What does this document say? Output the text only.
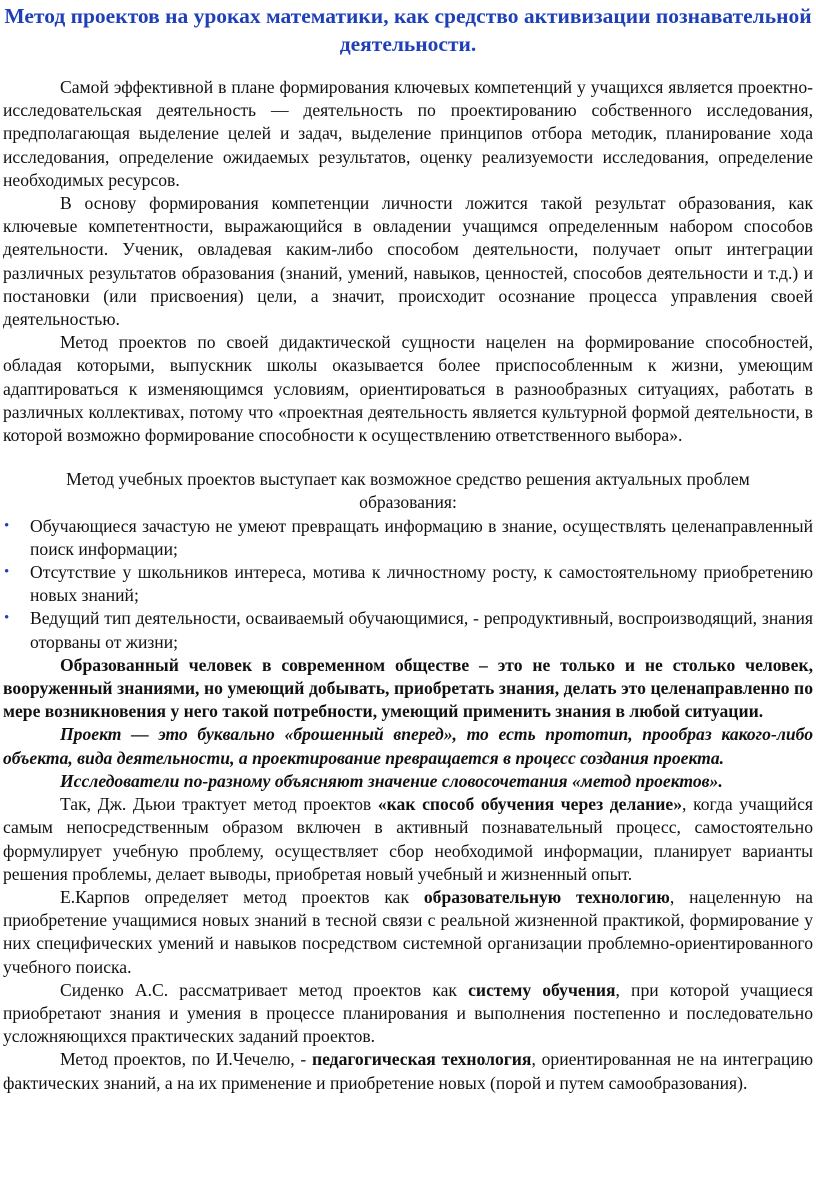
Метод проектов на уроках математики, как средство активизации познавательной деятельности.

Самой эффективной в плане формирования ключевых компетенций у учащихся является проектно-исследовательская деятельность — деятельность по проектированию собственного исследования, предполагающая выделение целей и задач, выделение принципов отбора методик, планирование хода исследования, определение ожидаемых результатов, оценку реализуемости исследования, определение необходимых ресурсов.

В основу формирования компетенции личности ложится такой результат образования, как ключевые компетентности, выражающийся в овладении учащимся определенным набором способов деятельности. Ученик, овладевая каким-либо способом деятельности, получает опыт интеграции различных результатов образования (знаний, умений, навыков, ценностей, способов деятельности и т.д.) и постановки (или присвоения) цели, а значит, происходит осознание процесса управления своей деятельностью.

Метод проектов по своей дидактической сущности нацелен на формирование способностей, обладая которыми, выпускник школы оказывается более приспособленным к жизни, умеющим адаптироваться к изменяющимся условиям, ориентироваться в разнообразных ситуациях, работать в различных коллективах, потому что «проектная деятельность является культурной формой деятельности, в которой возможно формирование способности к осуществлению ответственного выбора».

Метод учебных проектов выступает как возможное средство решения актуальных проблем образования:

• Обучающиеся зачастую не умеют превращать информацию в знание, осуществлять целенаправленный поиск информации;
• Отсутствие у школьников интереса, мотива к личностному росту, к самостоятельному приобретению новых знаний;
• Ведущий тип деятельности, осваиваемый обучающимися, - репродуктивный, воспроизводящий, знания оторваны от жизни;

Образованный человек в современном обществе – это не только и не столько человек, вооруженный знаниями, но умеющий добывать, приобретать знания, делать это целенаправленно по мере возникновения у него такой потребности, умеющий применить знания в любой ситуации.

Проект — это буквально «брошенный вперед», то есть прототип, прообраз какого-либо объекта, вида деятельности, а проектирование превращается в процесс создания проекта.

Исследователи по-разному объясняют значение словосочетания «метод проектов».

Так, Дж. Дьюи трактует метод проектов «как способ обучения через делание», когда учащийся самым непосредственным образом включен в активный познавательный процесс, самостоятельно формулирует учебную проблему, осуществляет сбор необходимой информации, планирует варианты решения проблемы, делает выводы, приобретая новый учебный и жизненный опыт.

Е.Карпов определяет метод проектов как образовательную технологию, нацеленную на приобретение учащимися новых знаний в тесной связи с реальной жизненной практикой, формирование у них специфических умений и навыков посредством системной организации проблемно-ориентированного учебного поиска.

Сиденко А.С. рассматривает метод проектов как систему обучения, при которой учащиеся приобретают знания и умения в процессе планирования и выполнения постепенно и последовательно усложняющихся практических заданий проектов.

Метод проектов, по И.Чечелю, - педагогическая технология, ориентированная не на интеграцию фактических знаний, а на их применение и приобретение новых (порой и путем самообразования).
